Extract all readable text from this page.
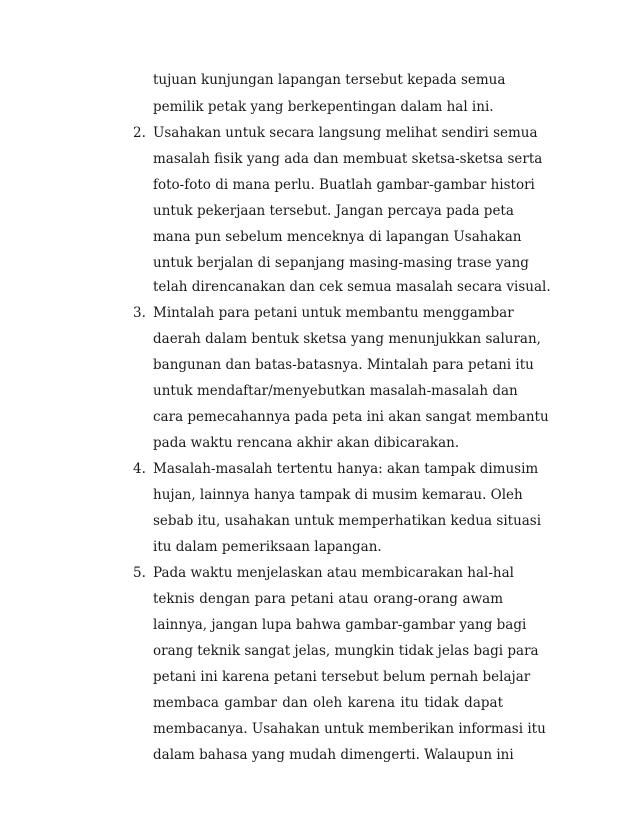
tujuan kunjungan lapangan tersebut kepada semua
pemilik petak yang berkepentingan dalam hal ini.
2. Usahakan untuk secara langsung melihat sendiri semua
masalah fisik yang ada dan membuat sketsa-sketsa serta
foto-foto di mana perlu. Buatlah gambar-gambar histori
untuk pekerjaan tersebut. Jangan percaya pada peta
mana pun sebelum menceknya di lapangan Usahakan
untuk berjalan di sepanjang masing-masing trase yang
telah direncanakan dan cek semua masalah secara visual.
3. Mintalah para petani untuk membantu menggambar
daerah dalam bentuk sketsa yang menunjukkan saluran,
bangunan dan batas-batasnya. Mintalah para petani itu
untuk mendaftar/menyebutkan masalah-masalah dan
cara pemecahannya pada peta ini akan sangat membantu
pada waktu rencana akhir akan dibicarakan.
4. Masalah-masalah tertentu hanya: akan tampak dimusim
hujan, lainnya hanya tampak di musim kemarau. Oleh
sebab itu, usahakan untuk memperhatikan kedua situasi
itu dalam pemeriksaan lapangan.
5. Pada waktu menjelaskan atau membicarakan hal-hal
teknis dengan para petani atau orang-orang awam
lainnya, jangan lupa bahwa gambar-gambar yang bagi
orang teknik sangat jelas, mungkin tidak jelas bagi para
petani ini karena petani tersebut belum pernah belajar
membaca gambar dan oleh karena itu tidak dapat
membacanya. Usahakan untuk memberikan informasi itu
dalam bahasa yang mudah dimengerti. Walaupun ini
